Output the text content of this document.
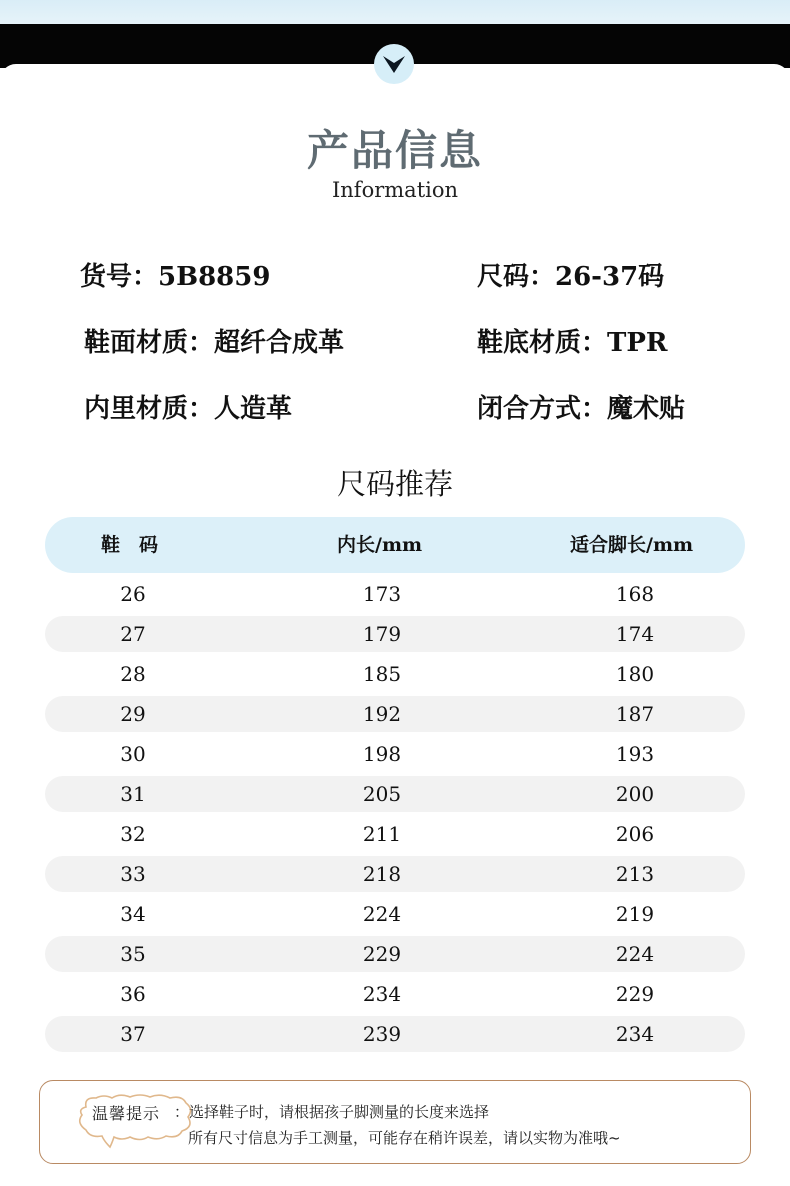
产品信息
Information
货号：5B8859	尺码：26-37码
鞋面材质：超纤合成革	鞋底材质：TPR
内里材质：人造革	闭合方式：魔术贴
尺码推荐
鞋　码	内长/mm	适合脚长/mm
26	173	168
27	179	174
28	185	180
29	192	187
30	198	193
31	205	200
32	211	206
33	218	213
34	224	219
35	229	224
36	234	229
37	239	234
温馨提示 ：选择鞋子时，请根据孩子脚测量的长度来选择
所有尺寸信息为手工测量，可能存在稍许误差，请以实物为准哦~
